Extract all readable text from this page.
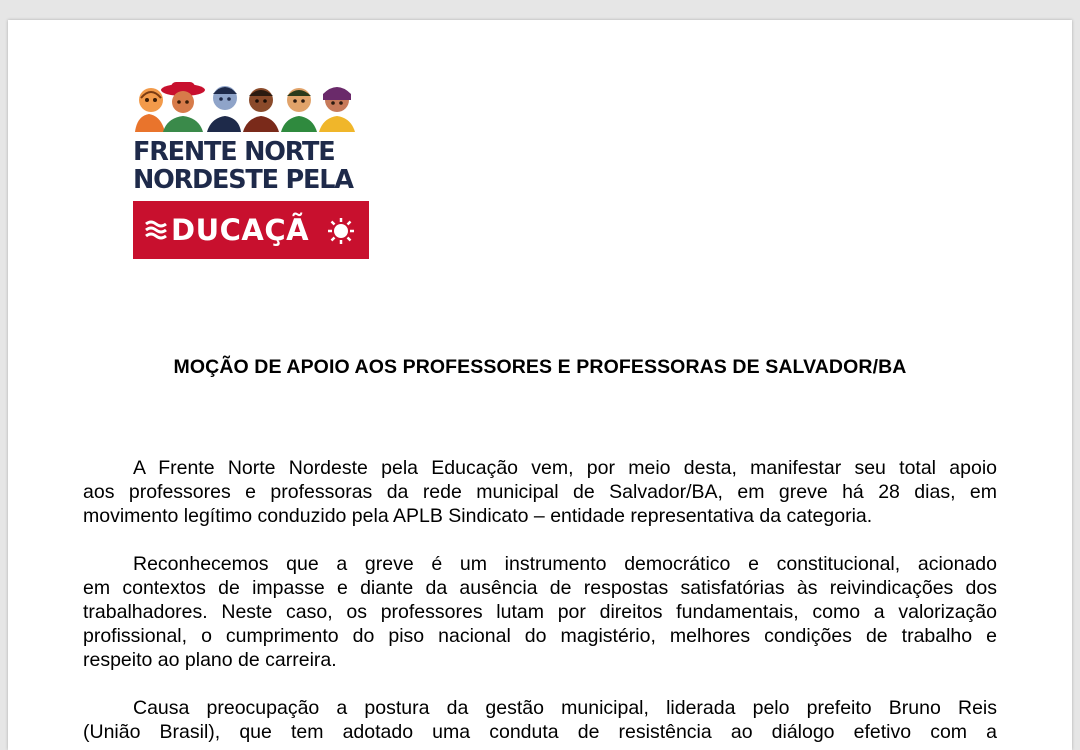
FRENTE NORTE
NORDESTE PELA
DUCAÇÃ
MOÇÃO DE APOIO AOS PROFESSORES E PROFESSORAS DE SALVADOR/BA
A Frente Norte Nordeste pela Educação vem, por meio desta, manifestar seu total apoio
aos professores e professoras da rede municipal de Salvador/BA, em greve há 28 dias, em
movimento legítimo conduzido pela APLB Sindicato – entidade representativa da categoria.
Reconhecemos que a greve é um instrumento democrático e constitucional, acionado
em contextos de impasse e diante da ausência de respostas satisfatórias às reivindicações dos
trabalhadores. Neste caso, os professores lutam por direitos fundamentais, como a valorização
profissional, o cumprimento do piso nacional do magistério, melhores condições de trabalho e
respeito ao plano de carreira.
Causa preocupação a postura da gestão municipal, liderada pelo prefeito Bruno Reis
(União Brasil), que tem adotado uma conduta de resistência ao diálogo efetivo com a
